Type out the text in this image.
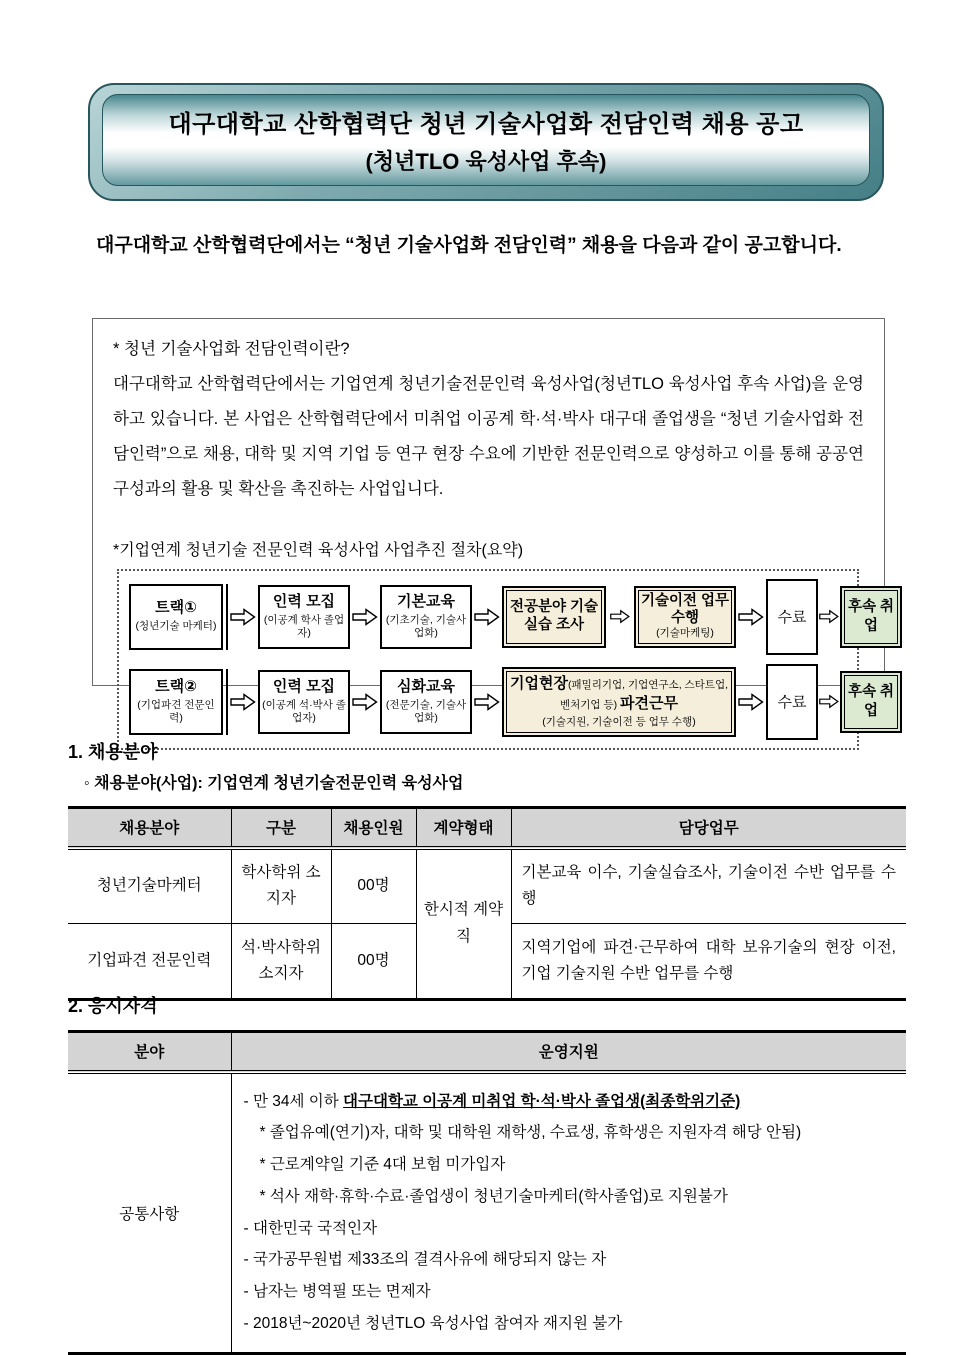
대구대학교 산학협력단 청년 기술사업화 전담인력 채용 공고
(청년TLO 육성사업 후속)

대구대학교 산학협력단에서는 “청년 기술사업화 전담인력” 채용을 다음과 같이 공고합니다.

* 청년 기술사업화 전담인력이란?

대구대학교 산학협력단에서는 기업연계 청년기술전문인력 육성사업(청년TLO 육성사업 후속 사업)을 운영하고 있습니다. 본 사업은 산학협력단에서 미취업 이공계 학·석·박사 대구대 졸업생을 “청년 기술사업화 전담인력”으로 채용, 대학 및 지역 기업 등 연구 현장 수요에 기반한 전문인력으로 양성하고 이를 통해 공공연구성과의 활용 및 확산을 촉진하는 사업입니다.

*기업연계 청년기술 전문인력 육성사업 사업추진 절차(요약)

트랙①
(청년기술 마케터)
인력 모집
(이공계 학사 졸업자)
기본교육
(기초기술, 기술사업화)
전공분야 기술실습 조사
기술이전 업무 수행
(기술마케팅)
수료
후속 취업
트랙②
(기업파견 전문인력)
인력 모집
(이공계 석·박사 졸업자)
심화교육
(전문기술, 기술사업화)
기업현장(패밀리기업, 기업연구소, 스타트업, 벤처기업 등) 파견근무
(기술지원, 기술이전 등 업무 수행)
수료
후속 취업
1. 채용분야

◦ 채용분야(사업): 기업연계 청년기술전문인력 육성사업

채용분야	구분	채용인원	계약형태	담당업무
청년기술마케터	학사학위 소지자	00명	한시적 계약직	기본교육 이수, 기술실습조사, 기술이전 수반 업무를 수행
기업파견 전문인력	석·박사학위 소지자	00명		지역기업에 파견·근무하여 대학 보유기술의 현장 이전, 기업 기술지원 수반 업무를 수행
2. 응시자격
분야	운영지원
공통사항	
- 만 34세 이하 대구대학교 이공계 미취업 학·석·박사 졸업생(최종학위기준)
* 졸업유예(연기)자, 대학 및 대학원 재학생, 수료생, 휴학생은 지원자격 해당 안됨)
* 근로계약일 기준 4대 보험 미가입자
* 석사 재학·휴학·수료·졸업생이 청년기술마케터(학사졸업)로 지원불가
- 대한민국 국적인자
- 국가공무원법 제33조의 결격사유에 해당되지 않는 자
- 남자는 병역필 또는 면제자
- 2018년~2020년 청년TLO 육성사업 참여자 재지원 불가
